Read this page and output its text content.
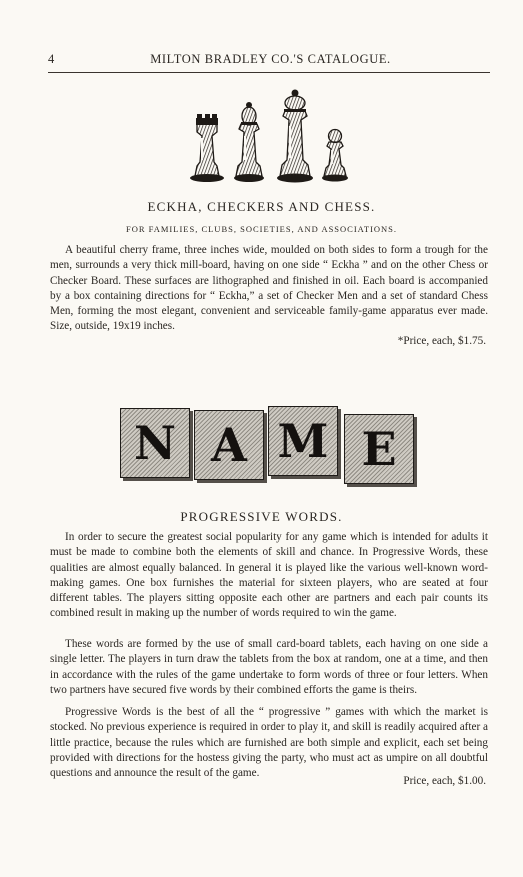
4	MILTON BRADLEY CO.'S CATALOGUE.
ECKHA, CHECKERS AND CHESS.
FOR FAMILIES, CLUBS, SOCIETIES, AND ASSOCIATIONS.

A beautiful cherry frame, three inches wide, moulded on both sides to form a trough for the men, surrounds a very thick mill-board, having on one side “ Eckha ” and on the other Chess or Checker Board. These surfaces are lithographed and finished in oil. Each board is accompanied by a box containing directions for “ Eckha,” a set of Checker Men and a set of standard Chess Men, forming the most elegant, convenient and serviceable family-game apparatus ever made. Size, outside, 19x19 inches.

*Price, each, $1.75.
N A M E
PROGRESSIVE WORDS.

In order to secure the greatest social popularity for any game which is intended for adults it must be made to combine both the elements of skill and chance. In Progressive Words, these qualities are almost equally balanced. In general it is played like the various well-known word-making games. One box furnishes the material for sixteen players, who are seated at four different tables. The players sitting opposite each other are partners and each pair counts its combined result in making up the number of words required to win the game.

These words are formed by the use of small card-board tablets, each having on one side a single letter. The players in turn draw the tablets from the box at random, one at a time, and then in accordance with the rules of the game undertake to form words of three or four letters. When two partners have secured five words by their combined efforts the game is theirs.

Progressive Words is the best of all the “ progressive ” games with which the market is stocked. No previous experience is required in order to play it, and skill is readily acquired after a little practice, because the rules which are furnished are both simple and explicit, each set being provided with directions for the hostess giving the party, who must act as umpire on all doubtful questions and announce the result of the game.

Price, each, $1.00.
